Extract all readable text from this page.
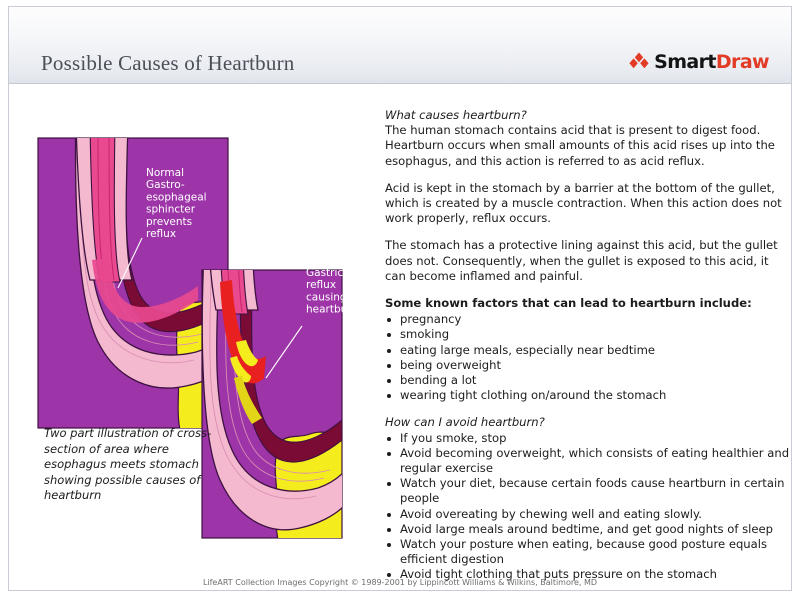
Possible Causes of Heartburn	Smart Draw
Normal Gastro- esophageal sphincter prevents reflux
Gastric reflux causing heartburn
Two part illustration of cross-section of area where esophagus meets stomach showing possible causes of heartburn
What causes heartburn?
The human stomach contains acid that is present to digest food. Heartburn occurs when small amounts of this acid rises up into the esophagus, and this action is referred to as acid reflux.
Acid is kept in the stomach by a barrier at the bottom of the gullet, which is created by a muscle contraction. When this action does not work properly, reflux occurs.
The stomach has a protective lining against this acid, but the gullet does not. Consequently, when the gullet is exposed to this acid, it can become inflamed and painful.
Some known factors that can lead to heartburn include:
pregnancy
smoking
eating large meals, especially near bedtime
being overweight
bending a lot
wearing tight clothing on/around the stomach
How can I avoid heartburn?
If you smoke, stop
Avoid becoming overweight, which consists of eating healthier and regular exercise
Watch your diet, because certain foods cause heartburn in certain people
Avoid overeating by chewing well and eating slowly.
Avoid large meals around bedtime, and get good nights of sleep
Watch your posture when eating, because good posture equals efficient digestion
Avoid tight clothing that puts pressure on the stomach
LifeART Collection Images Copyright © 1989-2001 by Lippincott Williams & Wilkins, Baltimore, MD
